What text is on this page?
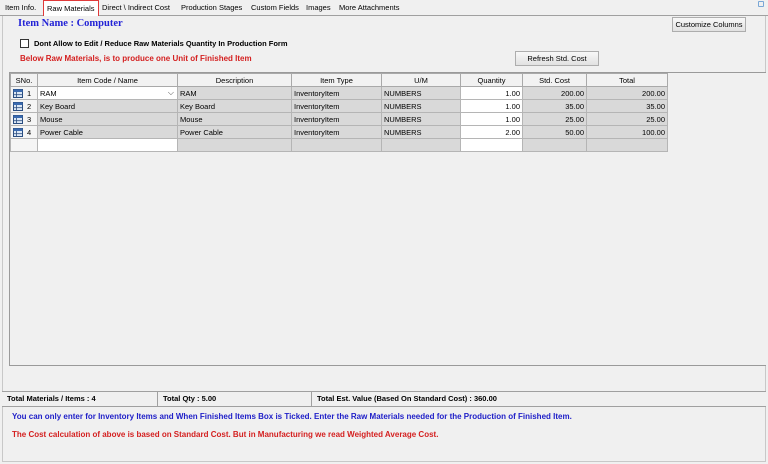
Item Info.	Raw Materials Direct \ Indirect Cost	Production Stages	Custom Fields Images	More Attachments
Item Name : Computer	Customize Columns
Dont Allow to Edit / Reduce Raw Materials Quantity In Production Form
Below Raw Materials, is to produce one Unit of Finished Item	Refresh Std. Cost
SNo.	Item Code / Name	Description	Item Type	U/M	Quantity	Std. Cost	Total

1	RAM ⌵	RAM	InventoryItem	NUMBERS	1.00	200.00	200.00

2	Key Board	Key Board	InventoryItem	NUMBERS	1.00	35.00	35.00

3	Mouse	Mouse	InventoryItem	NUMBERS	1.00	25.00	25.00

4	Power Cable	Power Cable	InventoryItem	NUMBERS	2.00	50.00	100.00

Total Materials / Items : 4	Total Qty : 5.00	Total Est. Value (Based On Standard Cost) : 360.00
You can only enter for Inventory Items and When Finished Items Box is Ticked. Enter the Raw Materials needed for the Production of Finished Item.
The Cost calculation of above is based on Standard Cost. But in Manufacturing we read Weighted Average Cost.
